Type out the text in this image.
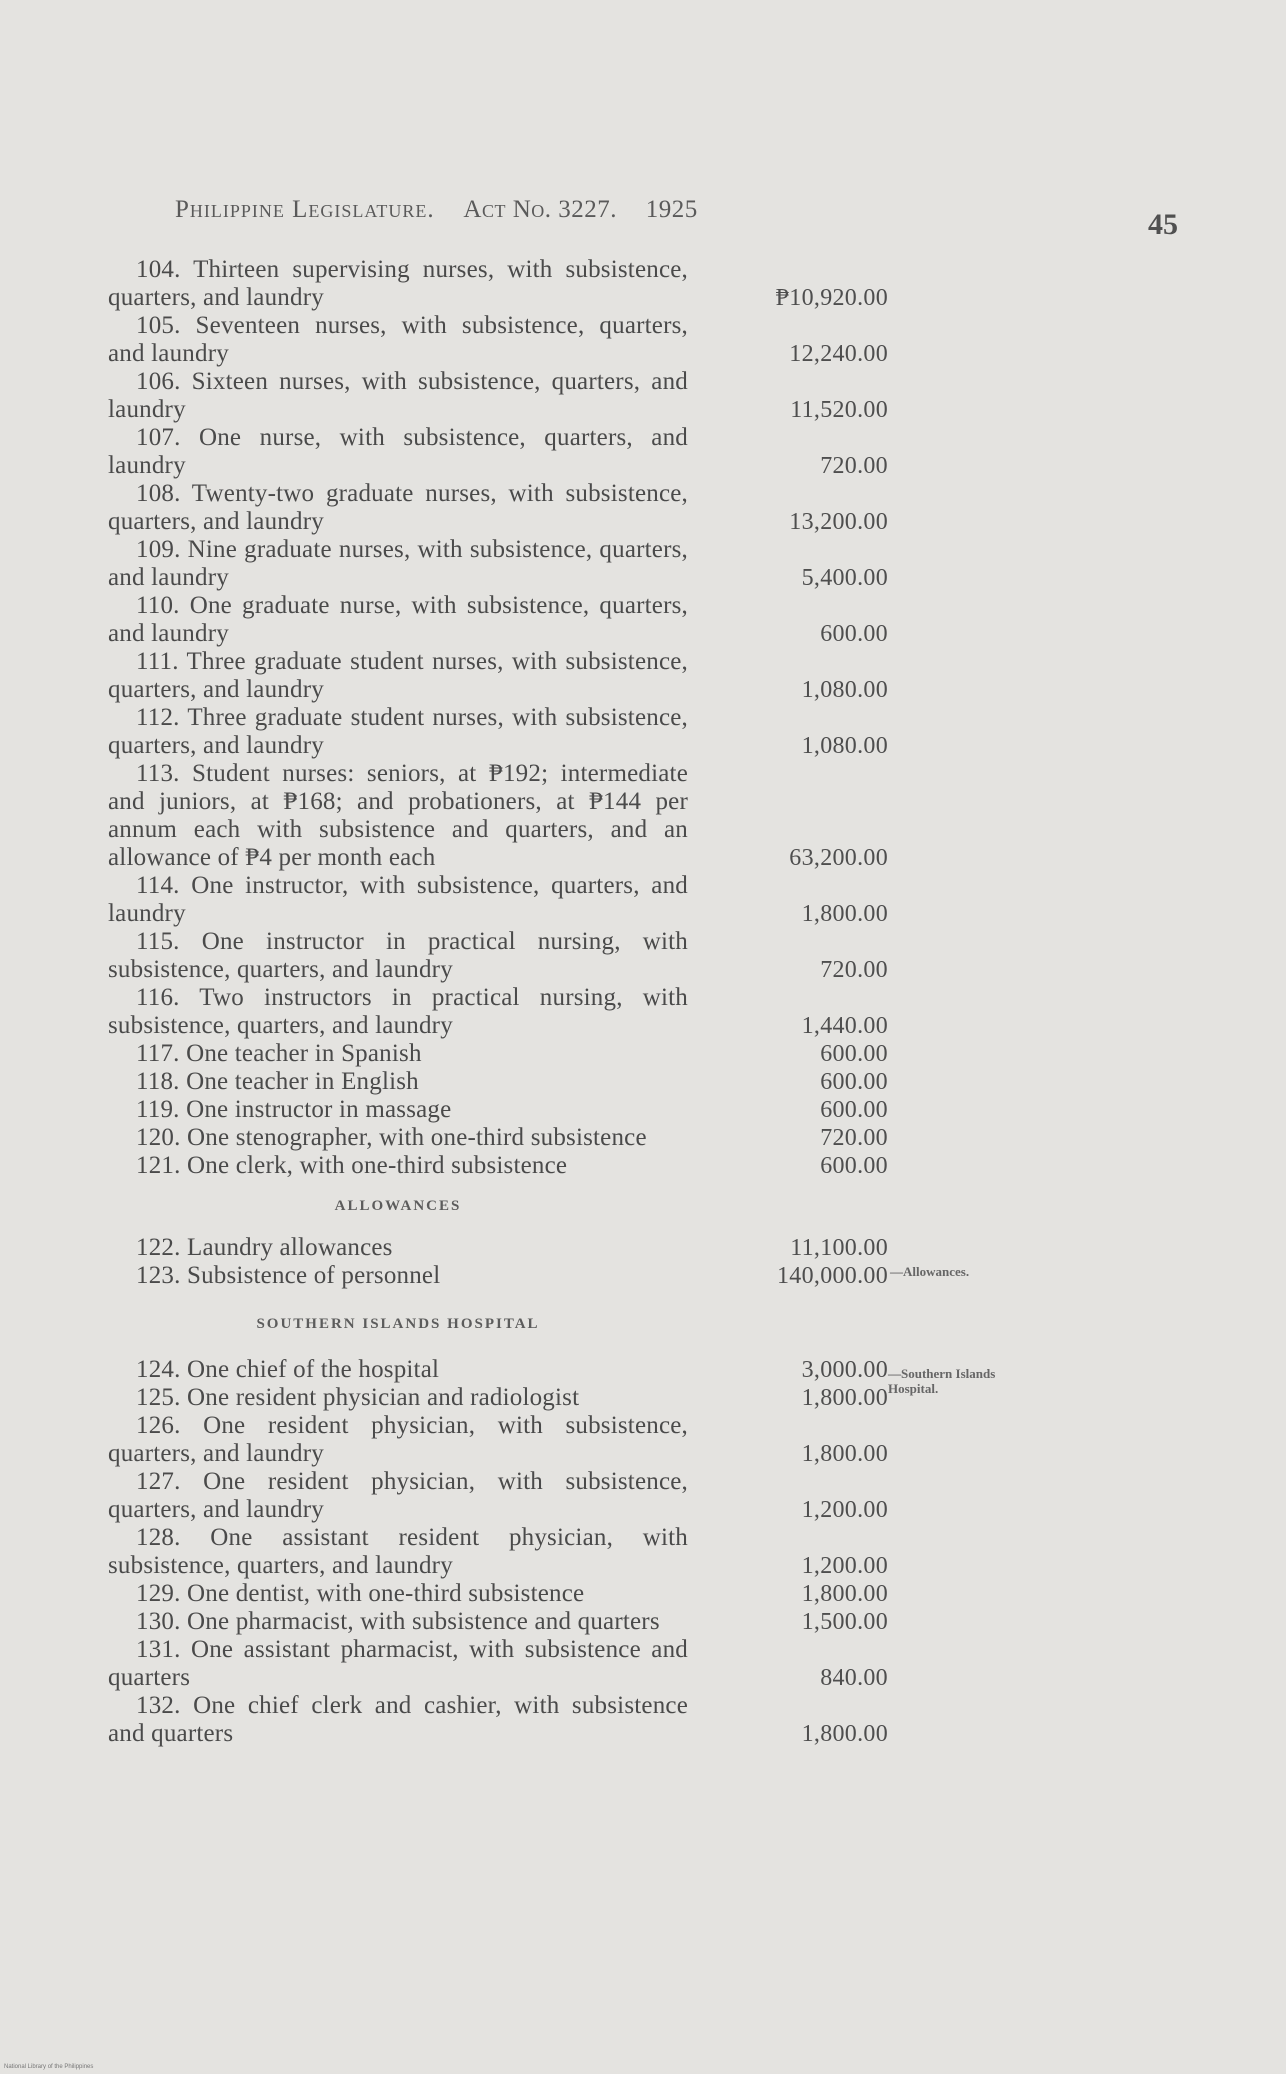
Philippine Legislature. Act No. 3227. 1925	45
104. Thirteen supervising nurses, with subsistence, quarters, and laundry	₱10,920.00
105. Seventeen nurses, with subsistence, quarters, and laundry	12,240.00
106. Sixteen nurses, with subsistence, quarters, and laundry	11,520.00
107. One nurse, with subsistence, quarters, and laundry	720.00
108. Twenty-two graduate nurses, with subsistence, quarters, and laundry	13,200.00
109. Nine graduate nurses, with subsistence, quarters, and laundry	5,400.00
110. One graduate nurse, with subsistence, quarters, and laundry	600.00
111. Three graduate student nurses, with subsistence, quarters, and laundry	1,080.00
112. Three graduate student nurses, with subsistence, quarters, and laundry	1,080.00
113. Student nurses: seniors, at ₱192; intermediate and juniors, at ₱168; and probationers, at ₱144 per annum each with subsistence and quarters, and an allowance of ₱4 per month each	63,200.00
114. One instructor, with subsistence, quarters, and laundry	1,800.00
115. One instructor in practical nursing, with subsistence, quarters, and laundry	720.00
116. Two instructors in practical nursing, with subsistence, quarters, and laundry	1,440.00
117. One teacher in Spanish	600.00
118. One teacher in English	600.00
119. One instructor in massage	600.00
120. One stenographer, with one-third subsistence	720.00
121. One clerk, with one-third subsistence	600.00
ALLOWANCES
122. Laundry allowances	11,100.00
123. Subsistence of personnel	140,000.00
SOUTHERN ISLANDS HOSPITAL
124. One chief of the hospital	3,000.00
125. One resident physician and radiologist	1,800.00
126. One resident physician, with subsistence, quarters, and laundry	1,800.00
127. One resident physician, with subsistence, quarters, and laundry	1,200.00
128. One assistant resident physician, with subsistence, quarters, and laundry	1,200.00
129. One dentist, with one-third subsistence	1,800.00
130. One pharmacist, with subsistence and quarters	1,500.00
131. One assistant pharmacist, with subsistence and quarters	840.00
132. One chief clerk and cashier, with subsistence and quarters	1,800.00
—Allowances.
—Southern Islands
Hospital.
National Library of the Philippines
